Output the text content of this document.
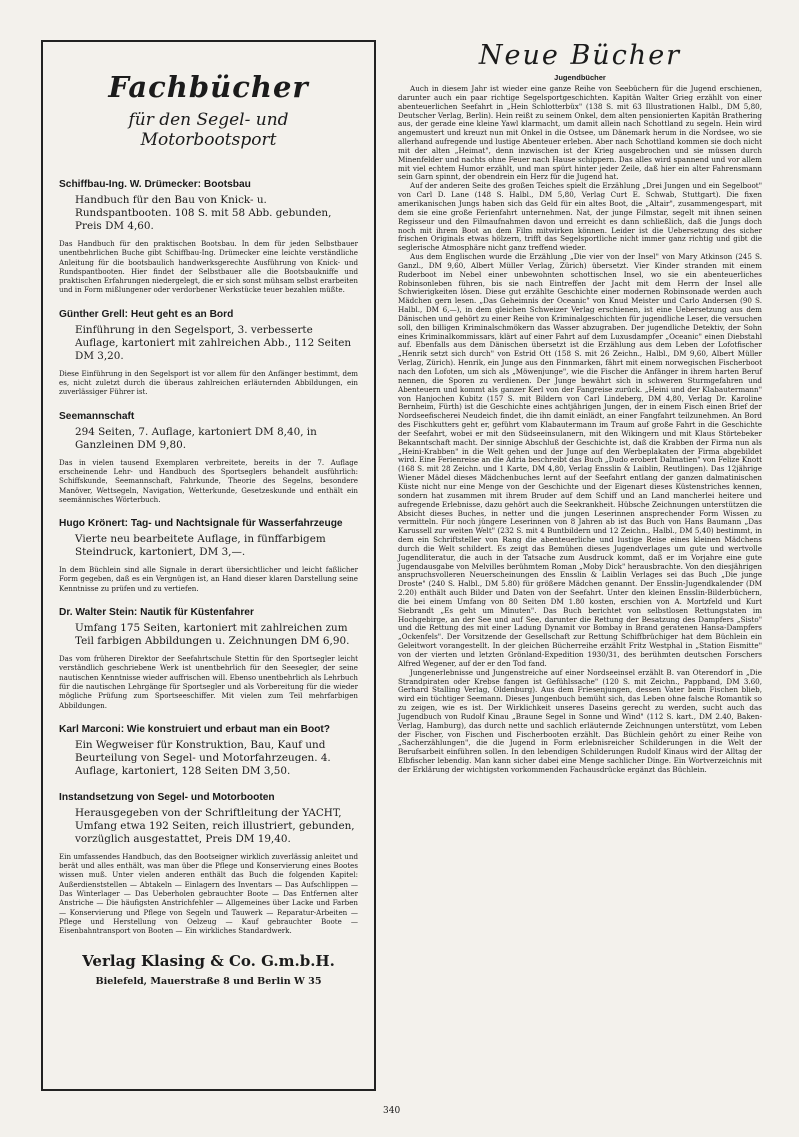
Fachbücher
für den Segel- und Motorbootsport
Schiffbau-Ing. W. Drümecker: Bootsbau
Handbuch für den Bau von Knick- u. Rundspantbooten. 108 S. mit 58 Abb. gebunden, Preis DM 4,60.
Das Handbuch für den praktischen Bootsbau. In dem für jeden Selbstbauer unentbehrlichen Buche gibt Schiffbau-Ing. Drümecker eine leichte verständliche Anleitung für die bootsbaulich handwerksgerechte Ausführung von Knick- und Rundspantbooten. Hier findet der Selbstbauer alle die Bootsbaukniffe und praktischen Erfahrungen niedergelegt, die er sich sonst mühsam selbst erarbeiten und in Form mißlungener oder verdorbener Werkstücke teuer bezahlen müßte.
Günther Grell: Heut geht es an Bord
Einführung in den Segelsport, 3. verbesserte Auflage, kartoniert mit zahlreichen Abb., 112 Seiten DM 3,20.
Diese Einführung in den Segelsport ist vor allem für den Anfänger bestimmt, dem es, nicht zuletzt durch die überaus zahlreichen erläuternden Abbildungen, ein zuverlässiger Führer ist.
Seemannschaft
294 Seiten, 7. Auflage, kartoniert DM 8,40, in Ganzleinen DM 9,80.
Das in vielen tausend Exemplaren verbreitete, bereits in der 7. Auflage erscheinende Lehr- und Handbuch des Sportseglers behandelt ausführlich: Schiffskunde, Seemannschaft, Fahrkunde, Theorie des Segelns, besondere Manöver, Wettsegeln, Navigation, Wetterkunde, Gesetzeskunde und enthält ein seemännisches Wörterbuch.
Hugo Krönert: Tag- und Nachtsignale für Wasserfahrzeuge
Vierte neu bearbeitete Auflage, in fünffarbigem Steindruck, kartoniert, DM 3,—.
In dem Büchlein sind alle Signale in derart übersichtlicher und leicht faßlicher Form gegeben, daß es ein Vergnügen ist, an Hand dieser klaren Darstellung seine Kenntnisse zu prüfen und zu vertiefen.
Dr. Walter Stein: Nautik für Küstenfahrer
Umfang 175 Seiten, kartoniert mit zahlreichen zum Teil farbigen Abbildungen u. Zeichnungen DM 6,90.
Das vom früheren Direktor der Seefahrtschule Stettin für den Sportsegler leicht verständlich geschriebene Werk ist unentbehrlich für den Seesegler, der seine nautischen Kenntnisse wieder auffrischen will. Ebenso unentbehrlich als Lehrbuch für die nautischen Lehrgänge für Sportsegler und als Vorbereitung für die wieder mögliche Prüfung zum Sportseeschiffer. Mit vielen zum Teil mehrfarbigen Abbildungen.
Karl Marconi: Wie konstruiert und erbaut man ein Boot?
Ein Wegweiser für Konstruktion, Bau, Kauf und Beurteilung von Segel- und Motorfahrzeugen. 4. Auflage, kartoniert, 128 Seiten DM 3,50.
Instandsetzung von Segel- und Motorbooten
Herausgegeben von der Schriftleitung der YACHT, Umfang etwa 192 Seiten, reich illustriert, gebunden, vorzüglich ausgestattet, Preis DM 19,40.
Ein umfassendes Handbuch, das den Bootseigner wirklich zuverlässig anleitet und berät und alles enthält, was man über die Pflege und Konservierung eines Bootes wissen muß. Unter vielen anderen enthält das Buch die folgenden Kapitel: Außerdienststellen — Abtakeln — Einlagern des Inventars — Das Aufschlippen — Das Winterlager — Das Ueberholen gebrauchter Boote — Das Entfernen alter Anstriche — Die häufigsten Anstrichfehler — Allgemeines über Lacke und Farben — Konservierung und Pflege von Segeln und Tauwerk — Reparatur-Arbeiten — Pflege und Herstellung von Oelzeug — Kauf gebrauchter Boote — Eisenbahntransport von Booten — Ein wirkliches Standardwerk.
Verlag Klasing & Co. G.m.b.H.
Bielefeld, Mauerstraße 8 und Berlin W 35
Neue Bücher
Jugendbücher

Auch in diesem Jahr ist wieder eine ganze Reihe von Seebüchern für die Jugend erschienen, darunter auch ein paar richtige Segelsportgeschichten. Kapitän Walter Grieg erzählt von einer abenteuerlichen Seefahrt in „Hein Schlotterbüx" (138 S. mit 63 Illustrationen Halbl., DM 5,80, Deutscher Verlag, Berlin). Hein reißt zu seinem Onkel, dem alten pensionierten Kapitän Brathering aus, der gerade eine kleine Yawl klarmacht, um damit allein nach Schottland zu segeln. Hein wird angemustert und kreuzt nun mit Onkel in die Ostsee, um Dänemark herum in die Nordsee, wo sie allerhand aufregende und lustige Abenteuer erleben. Aber nach Schottland kommen sie doch nicht mit der alten „Heimat", denn inzwischen ist der Krieg ausgebrochen und sie müssen durch Minenfelder und nachts ohne Feuer nach Hause schippern. Das alles wird spannend und vor allem mit viel echtem Humor erzählt, und man spürt hinter jeder Zeile, daß hier ein alter Fahrensmann sein Garn spinnt, der obendrein ein Herz für die Jugend hat.

Auf der anderen Seite des großen Teiches spielt die Erzählung „Drei Jungen und ein Segelboot" von Carl D. Lane (148 S. Halbl., DM 5,80, Verlag Curt E. Schwab, Stuttgart). Die fixen amerikanischen Jungs haben sich das Geld für ein altes Boot, die „Altair", zusammengespart, mit dem sie eine große Ferienfahrt unternehmen. Nat, der junge Filmstar, segelt mit ihnen seinen Regisseur und den Filmaufnahmen davon und erreicht es dann schließlich, daß die Jungs doch noch mit ihrem Boot an dem Film mitwirken können. Leider ist die Uebersetzung des sicher frischen Originals etwas hölzern, trifft das Segelsportliche nicht immer ganz richtig und gibt die seglerische Atmosphäre nicht ganz treffend wieder.

Aus dem Englischen wurde die Erzählung „Die vier von der Insel" von Mary Atkinson (245 S. Ganzl., DM 9,60, Albert Müller Verlag, Zürich) übersetzt. Vier Kinder stranden mit einem Ruderboot im Nebel einer unbewohnten schottischen Insel, wo sie ein abenteuerliches Robinsonleben führen, bis sie nach Eintreffen der Jacht mit dem Herrn der Insel alle Schwierigkeiten lösen. Diese gut erzählte Geschichte einer modernen Robinsonade werden auch Mädchen gern lesen. „Das Geheimnis der Oceanic" von Knud Meister und Carlo Andersen (90 S. Halbl., DM 6,—), in dem gleichen Schweizer Verlag erschienen, ist eine Uebersetzung aus dem Dänischen und gehört zu einer Reihe von Kriminalgeschichten für jugendliche Leser, die versuchen soll, den billigen Kriminalschmökern das Wasser abzugraben. Der jugendliche Detektiv, der Sohn eines Kriminalkommissars, klärt auf einer Fahrt auf dem Luxusdampfer „Oceanic" einen Diebstahl auf. Ebenfalls aus dem Dänischen übersetzt ist die Erzählung aus dem Leben der Lofotfischer „Henrik setzt sich durch" von Estrid Ott (158 S. mit 26 Zeichn., Halbl., DM 9,60, Albert Müller Verlag, Zürich). Henrik, ein Junge aus den Finnmarken, fährt mit einem norwegischen Fischerboot nach den Lofoten, um sich als „Möwenjunge", wie die Fischer die Anfänger in ihrem harten Beruf nennen, die Sporen zu verdienen. Der Junge bewährt sich in schweren Sturmgefahren und Abenteuern und kommt als ganzer Kerl von der Fangreise zurück. „Heini und der Klabautermann" von Hanjochen Kubitz (157 S. mit Bildern von Carl Lindeberg, DM 4,80, Verlag Dr. Karoline Bernheim, Fürth) ist die Geschichte eines achtjährigen Jungen, der in einem Fisch einen Brief der Nordseefischerei Neudeich findet, die ihn damit einlädt, an einer Fangfahrt teilzunehmen. An Bord des Fischkutters geht er, geführt vom Klabautermann im Traum auf große Fahrt in die Geschichte der Seefahrt, wobei er mit den Südseeinsulanern, mit den Wikingern und mit Klaus Störtebeker Bekanntschaft macht. Der sinnige Abschluß der Geschichte ist, daß die Krabben der Firma nun als „Heini-Krabben" in die Welt gehen und der Junge auf den Werbeplakaten der Firma abgebildet wird. Eine Ferienreise an die Adria beschreibt das Buch „Dudo erobert Dalmatien" von Felize Knott (168 S. mit 28 Zeichn. und 1 Karte, DM 4,80, Verlag Ensslin & Laiblin, Reutlingen). Das 12jährige Wiener Mädel dieses Mädchenbuches lernt auf der Seefahrt entlang der ganzen dalmatinischen Küste nicht nur eine Menge von der Geschichte und der Eigenart dieses Küstenstriches kennen, sondern hat zusammen mit ihrem Bruder auf dem Schiff und an Land mancherlei heitere und aufregende Erlebnisse, dazu gehört auch die Seekrankheit. Hübsche Zeichnungen unterstützen die Absicht dieses Buches, in netter und die jungen Leserinnen ansprechender Form Wissen zu vermitteln. Für noch jüngere Leserinnen von 8 Jahren ab ist das Buch von Hans Baumann „Das Karussell zur weiten Welt" (232 S. mit 4 Buntbildern und 12 Zeichn., Halbl., DM 5,40) bestimmt, in dem ein Schriftsteller von Rang die abenteuerliche und lustige Reise eines kleinen Mädchens durch die Welt schildert. Es zeigt das Bemühen dieses Jugendverlages um gute und wertvolle Jugendliteratur, die auch in der Tatsache zum Ausdruck kommt, daß er im Vorjahre eine gute Jugendausgabe von Melvilles berühmtem Roman „Moby Dick" herausbrachte. Von den diesjährigen anspruchsvolleren Neuerscheinungen des Ensslin & Laiblin Verlages sei das Buch „Die junge Droste" (240 S. Halbl., DM 5.80) für größere Mädchen genannt. Der Ensslin-Jugendkalender (DM 2.20) enthält auch Bilder und Daten von der Seefahrt. Unter den kleinen Ensslin-Bilderbüchern, die bei einem Umfang von 80 Seiten DM 1.80 kosten, erschien von A. Mortzfeld und Kurt Siebrandt „Es geht um Minuten". Das Buch berichtet von selbstlosen Rettungstaten im Hochgebirge, an der See und auf See, darunter die Rettung der Besatzung des Dampfers „Sisto" und die Rettung des mit einer Ladung Dynamit vor Bombay in Brand geratenen Hansa-Dampfers „Ockenfels". Der Vorsitzende der Gesellschaft zur Rettung Schiffbrüchiger hat dem Büchlein ein Geleitwort vorangestellt. In der gleichen Bücherreihe erzählt Fritz Westphal in „Station Eismitte" von der vierten und letzten Grönland-Expedition 1930/31, des berühmten deutschen Forschers Alfred Wegener, auf der er den Tod fand.

Jungenerlebnisse und Jungenstreiche auf einer Nordseeinsel erzählt B. van Oterendorf in „Die Strandpiraten oder Krebse fangen ist Gefühlssache" (120 S. mit Zeichn., Pappband, DM 3.60, Gerhard Stalling Verlag, Oldenburg). Aus dem Friesenjungen, dessen Vater beim Fischen blieb, wird ein tüchtiger Seemann. Dieses Jungenbuch bemüht sich, das Leben ohne falsche Romantik so zu zeigen, wie es ist. Der Wirklichkeit unseres Daseins gerecht zu werden, sucht auch das Jugendbuch von Rudolf Kinau „Braune Segel in Sonne und Wind" (112 S. kart., DM 2.40, Baken-Verlag, Hamburg), das durch nette und sachlich erläuternde Zeichnungen unterstützt, vom Leben der Fischer, von Fischen und Fischerbooten erzählt. Das Büchlein gehört zu einer Reihe von „Sacherzählungen", die die Jugend in Form erlebnisreicher Schilderungen in die Welt der Berufsarbeit einführen sollen. In den lebendigen Schilderungen Rudolf Kinaus wird der Alltag der Elbfischer lebendig. Man kann sicher dabei eine Menge sachlicher Dinge. Ein Wortverzeichnis mit der Erklärung der wichtigsten vorkommenden Fachausdrücke ergänzt das Büchlein.

340
